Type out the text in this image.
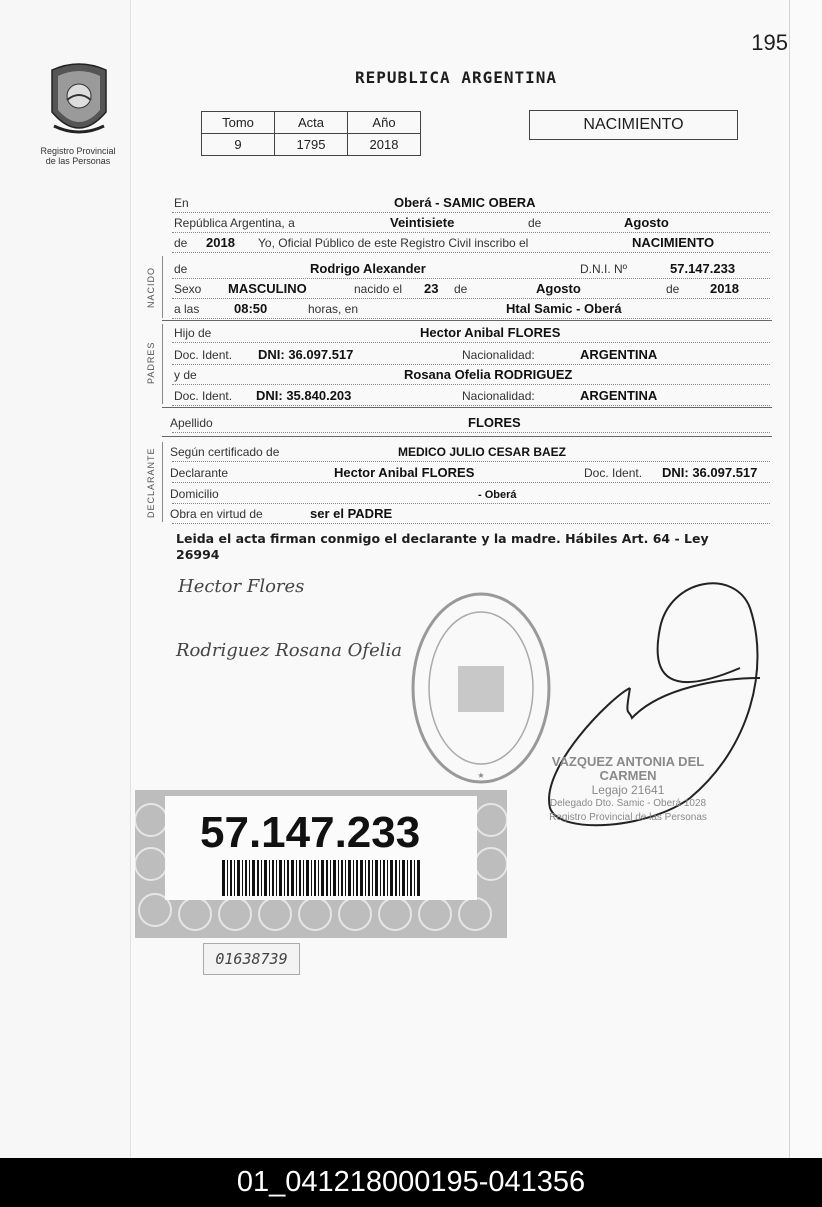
195
Registro Provincial
de las Personas
REPUBLICA ARGENTINA
Tomo	Acta	Año
9	1795	2018
NACIMIENTO
En	Oberá - SAMIC OBERA
República Argentina, a	Veintisiete	de	Agosto
de 2018 Yo, Oficial Público de este Registro Civil inscribo el	NACIMIENTO
NACIDO	de	Rodrigo Alexander	D.N.I. Nº	57.147.233
Sexo MASCULINO	nacido el 23 de	Agosto	de 2018
a las	08:50	horas, en	Htal Samic - Oberá
PADRES
Hijo de	Hector Anibal FLORES
Doc. Ident. DNI: 36.097.517	Nacionalidad:	ARGENTINA
y de	Rosana Ofelia RODRIGUEZ
Doc. Ident. DNI: 35.840.203	Nacionalidad:	ARGENTINA
Apellido	FLORES
DECLARANTE	Según certificado de	MEDICO JULIO CESAR BAEZ
Declarante	Hector Anibal FLORES	Doc. Ident. DNI: 36.097.517
Domicilio	- Oberá
Obra en virtud de	ser el PADRE
Leida el acta firman conmigo el declarante y la madre. Hábiles Art. 64 - Ley 26994
Hector Flores
Rodriguez Rosana Ofelia
★
VAZQUEZ ANTONIA DEL CARMEN
Legajo 21641
Delegado Dto. Samic - Oberá 1028
Registro Provincial de las Personas
57.147.233
01638739
01_041218000195-041356
